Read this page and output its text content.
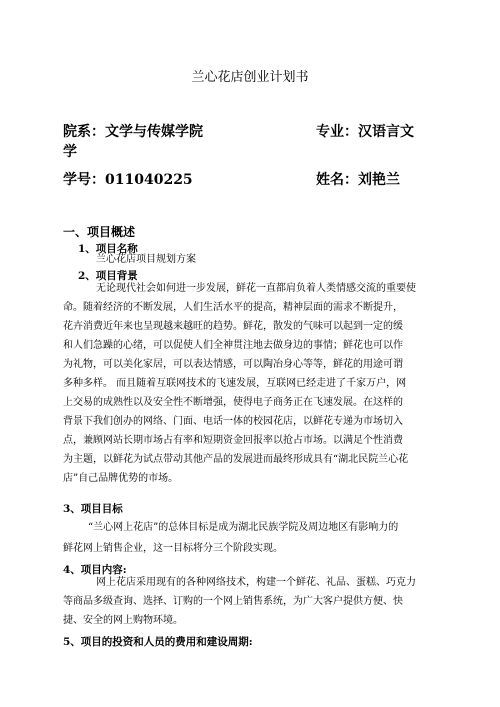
兰心花店创业计划书
院系：文学与传媒学院	专业：汉语言文
学
学号：011040225	姓名：刘艳兰
一、项目概述
1、项目名称
兰心花店项目规划方案
2、项目背景
无论现代社会如何进一步发展，鲜花一直都肩负着人类情感交流的重要使
命。随着经济的不断发展，人们生活水平的提高，精神层面的需求不断提升，
花卉消费近年来也呈现越来越旺的趋势。鲜花，散发的气味可以起到一定的缓
和人们急躁的心绪，可以促使人们全神贯注地去做身边的事情；鲜花也可以作
为礼物，可以美化家居，可以表达情感，可以陶冶身心等等，鲜花的用途可谓
多种多样。 而且随着互联网技术的飞速发展，互联网已经走进了千家万户，网
上交易的成熟性以及安全性不断增强，使得电子商务正在飞速发展。在这样的
背景下我们创办的网络、门面、电话一体的校园花店，以鲜花专递为市场切入
点，兼顾网站长期市场占有率和短期资金回报率以抢占市场。以满足个性消费
为主题，以鲜花为试点带动其他产品的发展进而最终形成具有“湖北民院兰心花
店”自己品牌优势的市场。
3、项目目标
“兰心网上花店”的总体目标是成为湖北民族学院及周边地区有影响力的
鲜花网上销售企业，这一目标将分三个阶段实现。
4、项目内容:
网上花店采用现有的各种网络技术，构建一个鲜花、礼品、蛋糕、巧克力
等商品多级查询、选择、订购的一个网上销售系统，为广大客户提供方便、快
捷、安全的网上购物环境。
5、项目的投资和人员的费用和建设周期:
